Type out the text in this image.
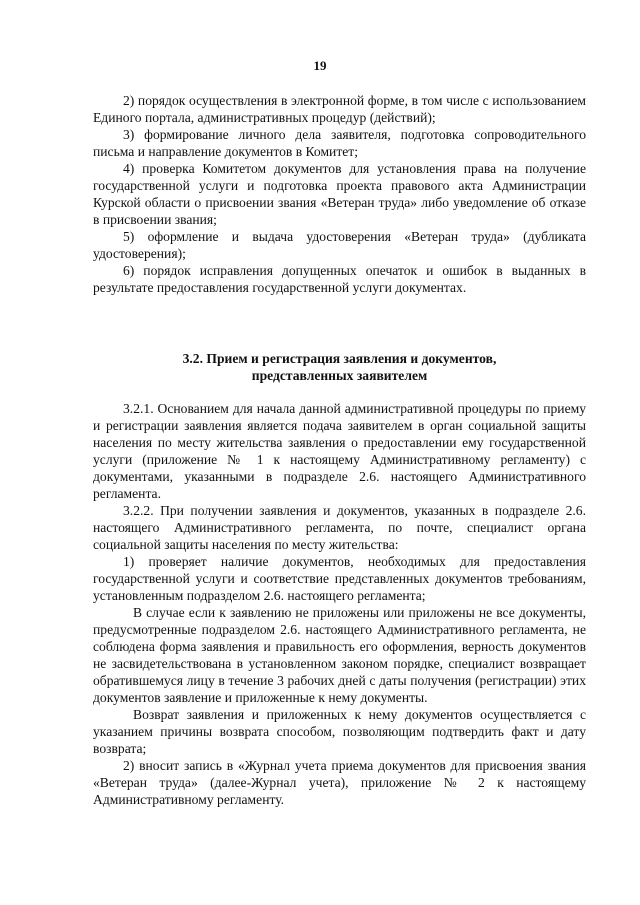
19

2) порядок осуществления в электронной форме, в том числе с использованием Единого портала, административных процедур (действий);

3) формирование личного дела заявителя, подготовка сопроводительного письма и направление документов в Комитет;

4) проверка Комитетом документов для установления права на получение государственной услуги и подготовка проекта правового акта Администрации Курской области о присвоении звания «Ветеран труда» либо уведомление об отказе в присвоении звания;

5) оформление и выдача удостоверения «Ветеран труда» (дубликата удостоверения);

6) порядок исправления допущенных опечаток и ошибок в выданных в результате предоставления государственной услуги документах.

3.2. Прием и регистрация заявления и документов,
представленных заявителем

3.2.1. Основанием для начала данной административной процедуры по приему и регистрации заявления является подача заявителем в орган социальной защиты населения по месту жительства заявления о предоставлении ему государственной услуги (приложение № 1 к настоящему Административному регламенту) с документами, указанными в подразделе 2.6. настоящего Административного регламента.

3.2.2. При получении заявления и документов, указанных в подразделе 2.6. настоящего Административного регламента, по почте, специалист органа социальной защиты населения по месту жительства:

1) проверяет наличие документов, необходимых для предоставления государственной услуги и соответствие представленных документов требованиям, установленным подразделом 2.6. настоящего регламента;

В случае если к заявлению не приложены или приложены не все документы, предусмотренные подразделом 2.6. настоящего Административного регламента, не соблюдена форма заявления и правильность его оформления, верность документов не засвидетельствована в установленном законом порядке, специалист возвращает обратившемуся лицу в течение 3 рабочих дней с даты получения (регистрации) этих документов заявление и приложенные к нему документы.

Возврат заявления и приложенных к нему документов осуществляется с указанием причины возврата способом, позволяющим подтвердить факт и дату возврата;

2) вносит запись в «Журнал учета приема документов для присвоения звания «Ветеран труда» (далее-Журнал учета), приложение № 2 к настоящему Административному регламенту.
